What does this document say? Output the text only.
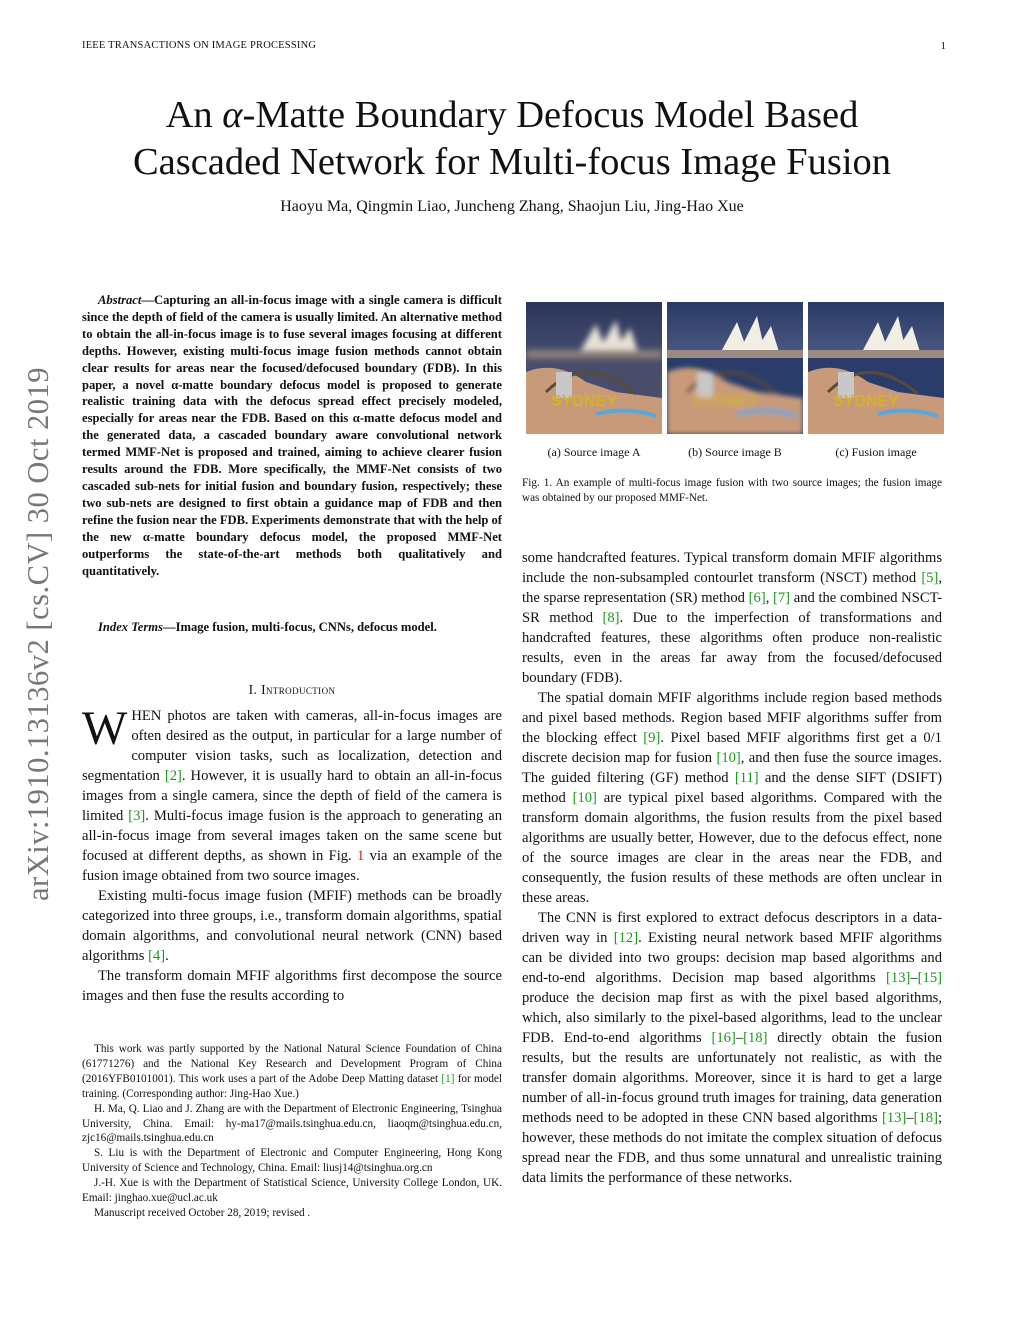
IEEE TRANSACTIONS ON IMAGE PROCESSING	1
arXiv:1910.13136v2 [cs.CV] 30 Oct 2019
An α-Matte Boundary Defocus Model Based
Cascaded Network for Multi-focus Image Fusion
Haoyu Ma, Qingmin Liao, Juncheng Zhang, Shaojun Liu, Jing-Hao Xue
Abstract—Capturing an all-in-focus image with a single camera is difficult since the depth of field of the camera is usually limited. An alternative method to obtain the all-in-focus image is to fuse several images focusing at different depths. However, existing multi-focus image fusion methods cannot obtain clear results for areas near the focused/defocused boundary (FDB). In this paper, a novel α-matte boundary defocus model is proposed to generate realistic training data with the defocus spread effect precisely modeled, especially for areas near the FDB. Based on this α-matte defocus model and the generated data, a cascaded boundary aware convolutional network termed MMF-Net is proposed and trained, aiming to achieve clearer fusion results around the FDB. More specifically, the MMF-Net consists of two cascaded sub-nets for initial fusion and boundary fusion, respectively; these two sub-nets are designed to first obtain a guidance map of FDB and then refine the fusion near the FDB. Experiments demonstrate that with the help of the new α-matte boundary defocus model, the proposed MMF-Net outperforms the state-of-the-art methods both qualitatively and quantitatively.
Index Terms—Image fusion, multi-focus, CNNs, defocus model.
I. Introduction

WHEN photos are taken with cameras, all-in-focus images are often desired as the output, in particular for a large number of computer vision tasks, such as localization, detection and segmentation [2]. However, it is usually hard to obtain an all-in-focus images from a single camera, since the depth of field of the camera is limited [3]. Multi-focus image fusion is the approach to generating an all-in-focus image from several images taken on the same scene but focused at different depths, as shown in Fig. 1 via an example of the fusion image obtained from two source images.

Existing multi-focus image fusion (MFIF) methods can be broadly categorized into three groups, i.e., transform domain algorithms, spatial domain algorithms, and convolutional neural network (CNN) based algorithms [4].

The transform domain MFIF algorithms first decompose the source images and then fuse the results according to

This work was partly supported by the National Natural Science Foundation of China (61771276) and the National Key Research and Development Program of China (2016YFB0101001). This work uses a part of the Adobe Deep Matting dataset [1] for model training. (Corresponding author: Jing-Hao Xue.)

H. Ma, Q. Liao and J. Zhang are with the Department of Electronic Engineering, Tsinghua University, China. Email: hy-ma17@mails.tsinghua.edu.cn, liaoqm@tsinghua.edu.cn, zjc16@mails.tsinghua.edu.cn

S. Liu is with the Department of Electronic and Computer Engineering, Hong Kong University of Science and Technology, China. Email: liusj14@tsinghua.org.cn

J.-H. Xue is with the Department of Statistical Science, University College London, UK. Email: jinghao.xue@ucl.ac.uk

Manuscript received October 28, 2019; revised .

SYDNEY	SYDNEY	SYDNEY
(a) Source image A	(b) Source image B	(c) Fusion image
Fig. 1. An example of multi-focus image fusion with two source images; the fusion image was obtained by our proposed MMF-Net.

some handcrafted features. Typical transform domain MFIF algorithms include the non-subsampled contourlet transform (NSCT) method [5], the sparse representation (SR) method [6], [7] and the combined NSCT-SR method [8]. Due to the imperfection of transformations and handcrafted features, these algorithms often produce non-realistic results, even in the areas far away from the focused/defocused boundary (FDB).

The spatial domain MFIF algorithms include region based methods and pixel based methods. Region based MFIF algorithms suffer from the blocking effect [9]. Pixel based MFIF algorithms first get a 0/1 discrete decision map for fusion [10], and then fuse the source images. The guided filtering (GF) method [11] and the dense SIFT (DSIFT) method [10] are typical pixel based algorithms. Compared with the transform domain algorithms, the fusion results from the pixel based algorithms are usually better, However, due to the defocus effect, none of the source images are clear in the areas near the FDB, and consequently, the fusion results of these methods are often unclear in these areas.

The CNN is first explored to extract defocus descriptors in a data-driven way in [12]. Existing neural network based MFIF algorithms can be divided into two groups: decision map based algorithms and end-to-end algorithms. Decision map based algorithms [13]–[15] produce the decision map first as with the pixel based algorithms, which, also similarly to the pixel-based algorithms, lead to the unclear FDB. End-to-end algorithms [16]–[18] directly obtain the fusion results, but the results are unfortunately not realistic, as with the transfer domain algorithms. Moreover, since it is hard to get a large number of all-in-focus ground truth images for training, data generation methods need to be adopted in these CNN based algorithms [13]–[18]; however, these methods do not imitate the complex situation of defocus spread near the FDB, and thus some unnatural and unrealistic training data limits the performance of these networks.
